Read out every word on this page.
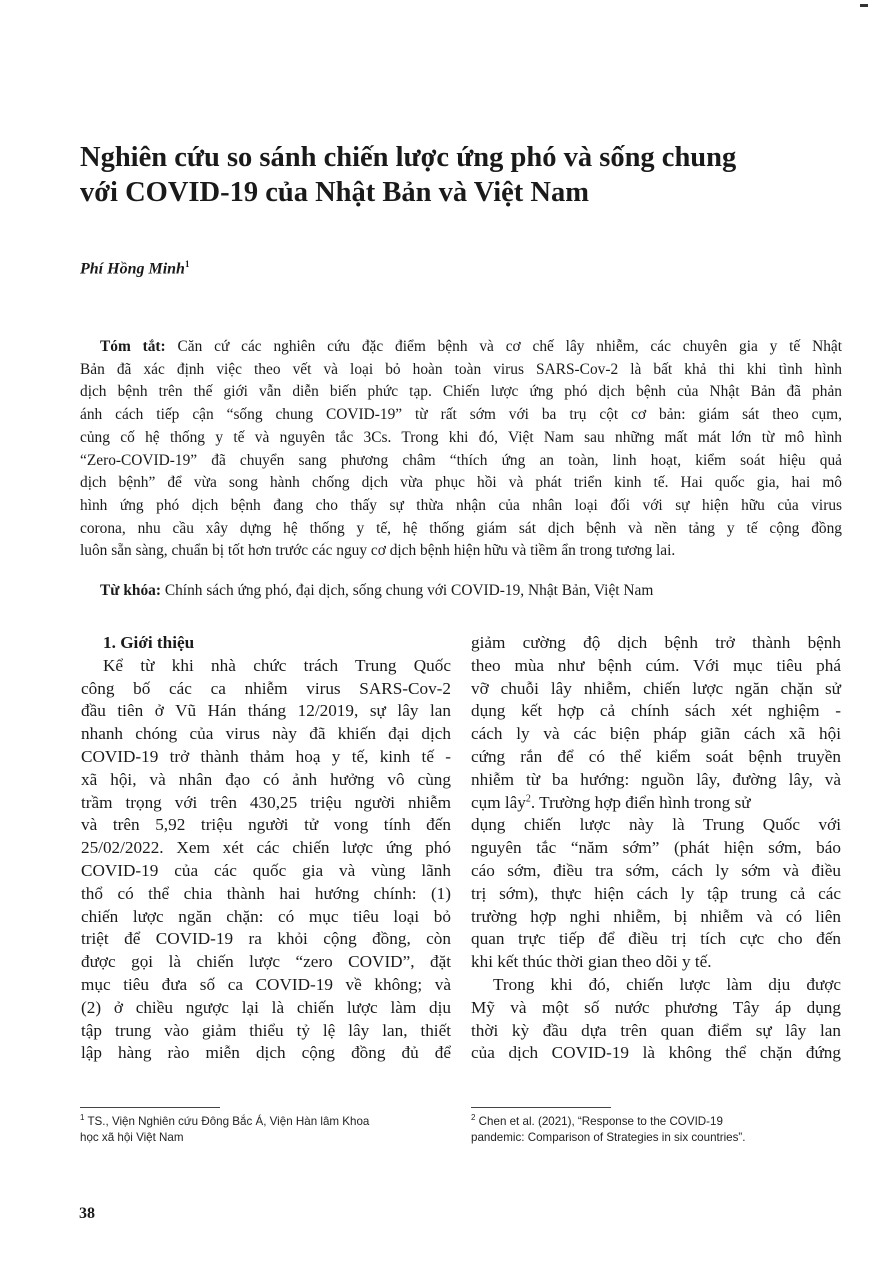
Nghiên cứu so sánh chiến lược ứng phó và sống chung
với COVID-19 của Nhật Bản và Việt Nam
Phí Hồng Minh$^1$
Tóm tắt: Căn cứ các nghiên cứu đặc điểm bệnh và cơ chế lây nhiễm, các chuyên gia y tế Nhật
Bản đã xác định việc theo vết và loại bỏ hoàn toàn virus SARS-Cov-2 là bất khả thi khi tình hình
dịch bệnh trên thế giới vẫn diễn biến phức tạp. Chiến lược ứng phó dịch bệnh của Nhật Bản đã phản
ánh cách tiếp cận “sống chung COVID-19” từ rất sớm với ba trụ cột cơ bản: giám sát theo cụm,
củng cố hệ thống y tế và nguyên tắc 3Cs. Trong khi đó, Việt Nam sau những mất mát lớn từ mô hình
“Zero-COVID-19” đã chuyển sang phương châm “thích ứng an toàn, linh hoạt, kiểm soát hiệu quả
dịch bệnh” để vừa song hành chống dịch vừa phục hồi và phát triển kinh tế. Hai quốc gia, hai mô
hình ứng phó dịch bệnh đang cho thấy sự thừa nhận của nhân loại đối với sự hiện hữu của virus
corona, nhu cầu xây dựng hệ thống y tế, hệ thống giám sát dịch bệnh và nền tảng y tế cộng đồng
luôn sẵn sàng, chuẩn bị tốt hơn trước các nguy cơ dịch bệnh hiện hữu và tiềm ẩn trong tương lai.
Từ khóa: Chính sách ứng phó, đại dịch, sống chung với COVID-19, Nhật Bản, Việt Nam
1. Giới thiệu
Kể từ khi nhà chức trách Trung Quốc
công bố các ca nhiễm virus SARS-Cov-2
đầu tiên ở Vũ Hán tháng 12/2019, sự lây lan
nhanh chóng của virus này đã khiến đại dịch
COVID-19 trở thành thảm hoạ y tế, kinh tế -
xã hội, và nhân đạo có ảnh hưởng vô cùng
trầm trọng với trên 430,25 triệu người nhiễm
và trên 5,92 triệu người tử vong tính đến
25/02/2022. Xem xét các chiến lược ứng phó
COVID-19 của các quốc gia và vùng lãnh
thổ có thể chia thành hai hướng chính: (1)
chiến lược ngăn chặn: có mục tiêu loại bỏ
triệt để COVID-19 ra khỏi cộng đồng, còn
được gọi là chiến lược “zero COVID”, đặt
mục tiêu đưa số ca COVID-19 về không; và
(2) ở chiều ngược lại là chiến lược làm dịu
tập trung vào giảm thiểu tỷ lệ lây lan, thiết
lập hàng rào miễn dịch cộng đồng đủ để
giảm cường độ dịch bệnh trở thành bệnh
theo mùa như bệnh cúm. Với mục tiêu phá
vỡ chuỗi lây nhiễm, chiến lược ngăn chặn sử
dụng kết hợp cả chính sách xét nghiệm -
cách ly và các biện pháp giãn cách xã hội
cứng rắn để có thể kiểm soát bệnh truyền
nhiễm từ ba hướng: nguồn lây, đường lây, và
cụm lây$^2$. Trường hợp điển hình trong sử
dụng chiến lược này là Trung Quốc với
nguyên tắc “năm sớm” (phát hiện sớm, báo
cáo sớm, điều tra sớm, cách ly sớm và điều
trị sớm), thực hiện cách ly tập trung cả các
trường hợp nghi nhiễm, bị nhiễm và có liên
quan trực tiếp để điều trị tích cực cho đến
khi kết thúc thời gian theo dõi y tế.
Trong khi đó, chiến lược làm dịu được
Mỹ và một số nước phương Tây áp dụng
thời kỳ đầu dựa trên quan điểm sự lây lan
của dịch COVID-19 là không thể chặn đứng
$^1$ TS., Viện Nghiên cứu Đông Bắc Á, Viện Hàn lâm Khoa
học xã hội Việt Nam
$^2$ Chen et al. (2021), “Response to the COVID-19
pandemic: Comparison of Strategies in six countries”.
38
